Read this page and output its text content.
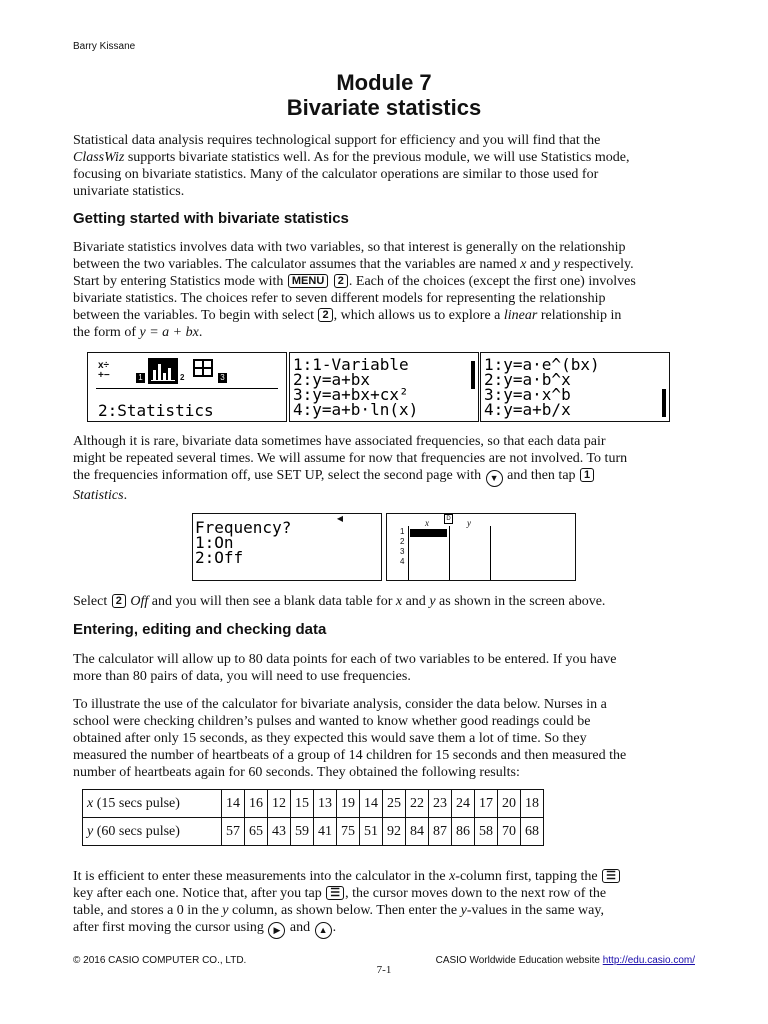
Barry Kissane
Module 7
Bivariate statistics
Statistical data analysis requires technological support for efficiency and you will find that the
ClassWiz supports bivariate statistics well. As for the previous module, we will use Statistics mode,
focusing on bivariate statistics. Many of the calculator operations are similar to those used for
univariate statistics.
Getting started with bivariate statistics
Bivariate statistics involves data with two variables, so that interest is generally on the relationship
between the two variables. The calculator assumes that the variables are named x and y respectively.
Start by entering Statistics mode with MENU 2 . Each of the choices (except the first one) involves
bivariate statistics. The choices refer to seven different models for representing the relationship
between the variables. To begin with select 2 , which allows us to explore a linear relationship in
the form of y = a + bx.
x÷
+−	1	2	3
2:Statistics
1:1-Variable
2:y=a+bx
3:y=a+bx+cx²
4:y=a+b·ln(x)
1:y=a·e^(bx)
2:y=a·b^x
3:y=a·x^b
4:y=a+b/x
Although it is rare, bivariate data sometimes have associated frequencies, so that each data pair
might be repeated several times. We will assume for now that frequencies are not involved. To turn
the frequencies information off, use SET UP, select the second page with ▼ and then tap 1
Statistics.
◀
Frequency?
1:On
2:Off
D
x	y
1
2
3
4
Select 2 Off and you will then see a blank data table for x and y as shown in the screen above.
Entering, editing and checking data
The calculator will allow up to 80 data points for each of two variables to be entered. If you have
more than 80 pairs of data, you will need to use frequencies.
To illustrate the use of the calculator for bivariate analysis, consider the data below. Nurses in a
school were checking children’s pulses and wanted to know whether good readings could be
obtained after only 15 seconds, as they expected this would save them a lot of time. So they
measured the number of heartbeats of a group of 14 children for 15 seconds and then measured the
number of heartbeats again for 60 seconds. They obtained the following results:
x (15 secs pulse)	14	16	12	15	13	19	14	25	22	23	24	17	20	18
y (60 secs pulse)	57	65	43	59	41	75	51	92	84	87	86	58	70	68
It is efficient to enter these measurements into the calculator in the x-column first, tapping the ☰
key after each one. Notice that, after you tap ☰ , the cursor moves down to the next row of the
table, and stores a 0 in the y column, as shown below. Then enter the y-values in the same way,
after first moving the cursor using ▶ and ▲ .
© 2016 CASIO COMPUTER CO., LTD.	CASIO Worldwide Education website http://edu.casio.com/
7-1
